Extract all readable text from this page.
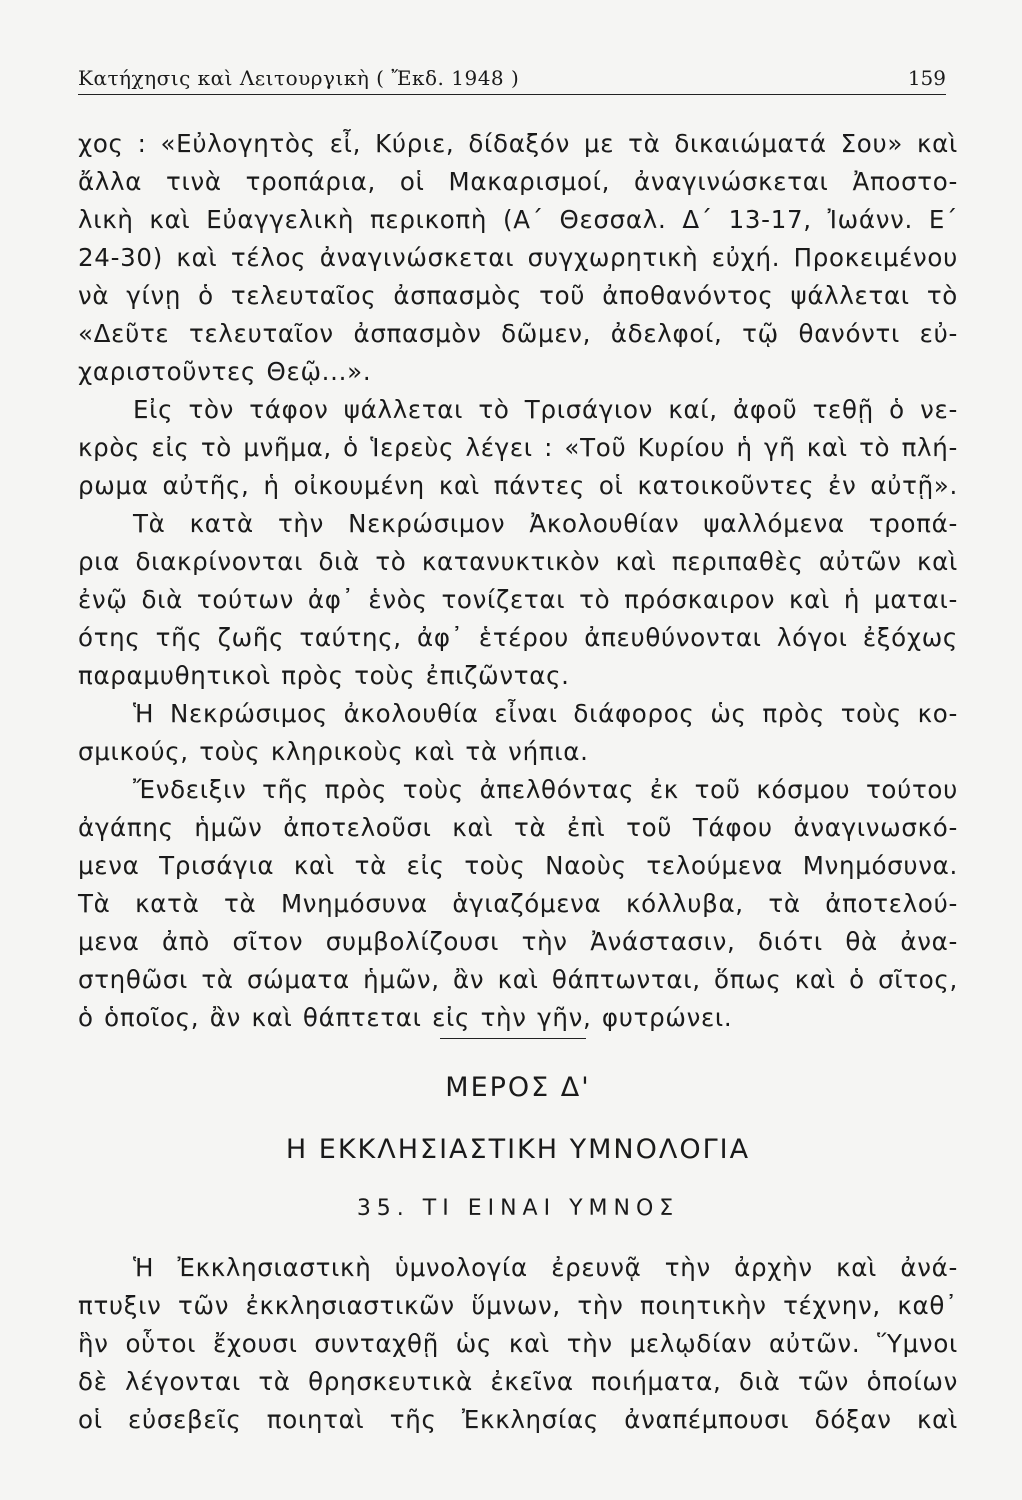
Κατήχησις καὶ Λειτουργικὴ ( Ἔκδ. 1948 )	159
χος : «Εὐλογητὸς εἶ, Κύριε, δίδαξόν με τὰ δικαιώματά Σου» καὶ
ἄλλα τινὰ τροπάρια, οἱ Μακαρισμοί, ἀναγινώσκεται Ἀποστο-
λικὴ καὶ Εὐαγγελικὴ περικοπὴ (Α΄ Θεσσαλ. Δ΄ 13-17, Ἰωάνν. Ε΄
24-30) καὶ τέλος ἀναγινώσκεται συγχωρητικὴ εὐχή. Προκειμένου
νὰ γίνῃ ὁ τελευταῖος ἀσπασμὸς τοῦ ἀποθανόντος ψάλλεται τὸ
«Δεῦτε τελευταῖον ἀσπασμὸν δῶμεν, ἀδελφοί, τῷ θανόντι εὐ-
χαριστοῦντες Θεῷ...».
Εἰς τὸν τάφον ψάλλεται τὸ Τρισάγιον καί, ἀφοῦ τεθῇ ὁ νε-
κρὸς εἰς τὸ μνῆμα, ὁ Ἱερεὺς λέγει : «Τοῦ Κυρίου ἡ γῆ καὶ τὸ πλή-
ρωμα αὐτῆς, ἡ οἰκουμένη καὶ πάντες οἱ κατοικοῦντες ἐν αὐτῇ».
Τὰ κατὰ τὴν Νεκρώσιμον Ἀκολουθίαν ψαλλόμενα τροπά-
ρια διακρίνονται διὰ τὸ κατανυκτικὸν καὶ περιπαθὲς αὐτῶν καὶ
ἐνῷ διὰ τούτων ἀφ᾽ ἑνὸς τονίζεται τὸ πρόσκαιρον καὶ ἡ μαται-
ότης τῆς ζωῆς ταύτης, ἀφ᾽ ἑτέρου ἀπευθύνονται λόγοι ἐξόχως
παραμυθητικοὶ πρὸς τοὺς ἐπιζῶντας.
Ἡ Νεκρώσιμος ἀκολουθία εἶναι διάφορος ὡς πρὸς τοὺς κο-
σμικούς, τοὺς κληρικοὺς καὶ τὰ νήπια.
Ἔνδειξιν τῆς πρὸς τοὺς ἀπελθόντας ἐκ τοῦ κόσμου τούτου
ἀγάπης ἡμῶν ἀποτελοῦσι καὶ τὰ ἐπὶ τοῦ Τάφου ἀναγινωσκό-
μενα Τρισάγια καὶ τὰ εἰς τοὺς Ναοὺς τελούμενα Μνημόσυνα.
Τὰ κατὰ τὰ Μνημόσυνα ἁγιαζόμενα κόλλυβα, τὰ ἀποτελού-
μενα ἀπὸ σῖτον συμβολίζουσι τὴν Ἀνάστασιν, διότι θὰ ἀνα-
στηθῶσι τὰ σώματα ἡμῶν, ἂν καὶ θάπτωνται, ὅπως καὶ ὁ σῖτος,
ὁ ὁποῖος, ἂν καὶ θάπτεται εἰς τὴν γῆν, φυτρώνει.
ΜΕΡΟΣ Δ'
Η ΕΚΚΛΗΣΙΑΣΤΙΚΗ ΥΜΝΟΛΟΓΙΑ
35. ΤΙ ΕΙΝΑΙ ΥΜΝΟΣ
Ἡ Ἐκκλησιαστικὴ ὑμνολογία ἐρευνᾷ τὴν ἀρχὴν καὶ ἀνά-
πτυξιν τῶν ἐκκλησιαστικῶν ὕμνων, τὴν ποιητικὴν τέχνην, καθ᾽
ἣν οὗτοι ἔχουσι συνταχθῇ ὡς καὶ τὴν μελῳδίαν αὐτῶν. Ὕμνοι
δὲ λέγονται τὰ θρησκευτικὰ ἐκεῖνα ποιήματα, διὰ τῶν ὁποίων
οἱ εὐσεβεῖς ποιηταὶ τῆς Ἐκκλησίας ἀναπέμπουσι δόξαν καὶ
